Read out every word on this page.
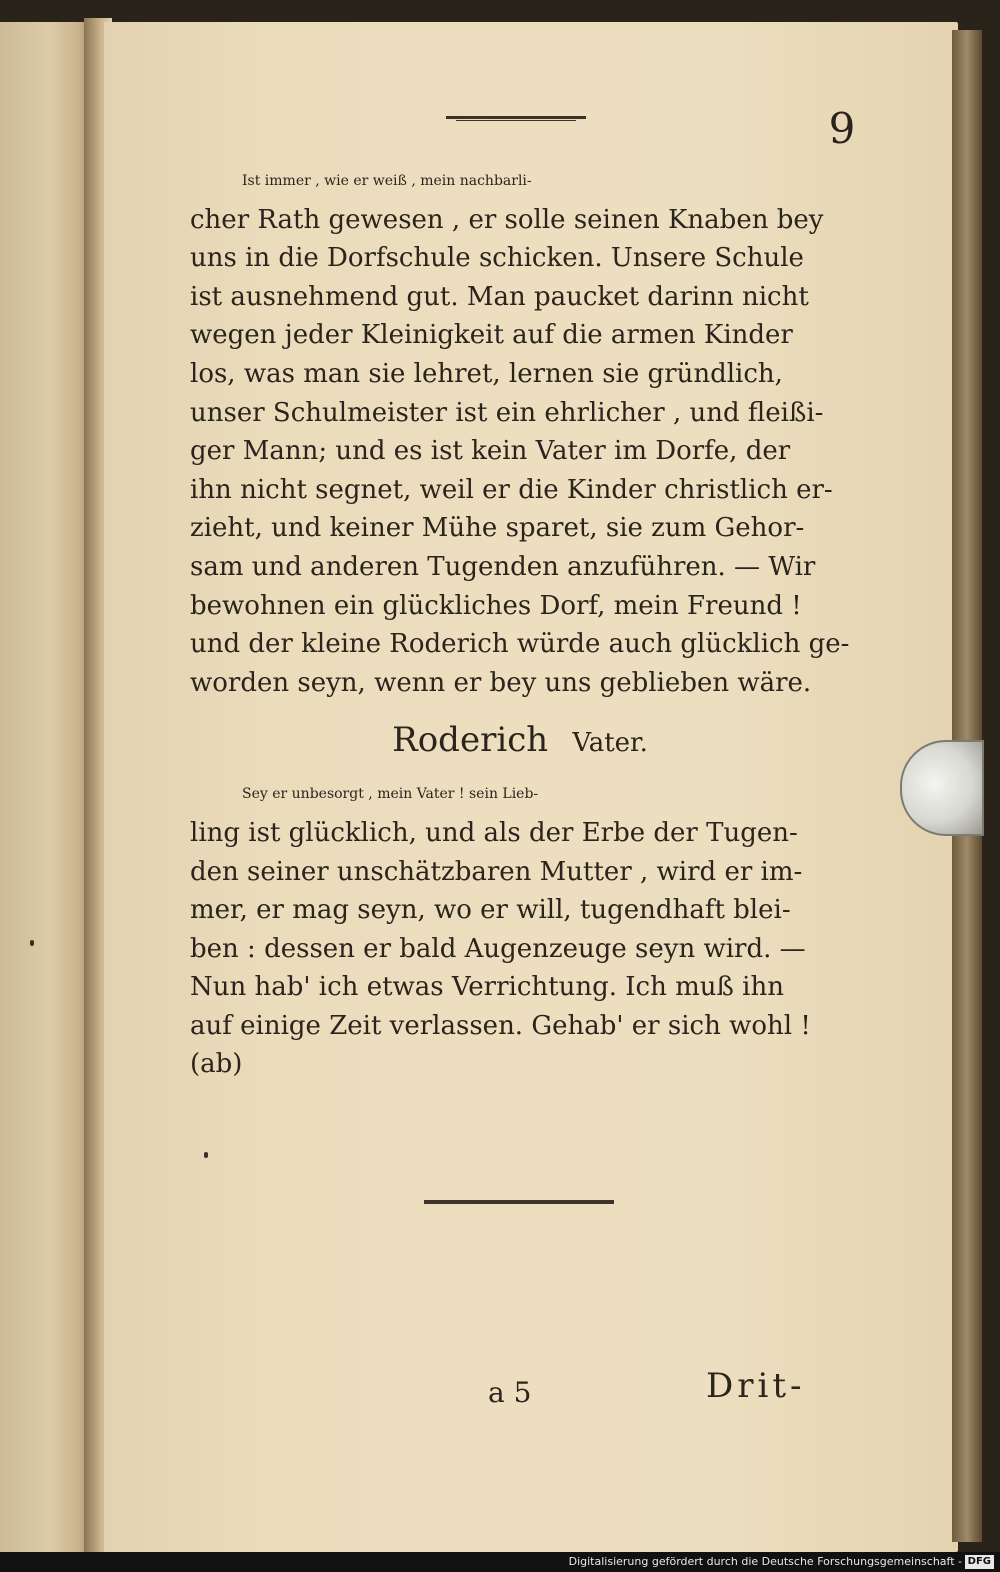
9
Ist immer , wie er weiß , mein nachbarli-
cher Rath gewesen , er solle seinen Knaben bey
uns in die Dorfschule schicken. Unsere Schule
ist ausnehmend gut. Man paucket darinn nicht
wegen jeder Kleinigkeit auf die armen Kinder
los, was man sie lehret, lernen sie gründlich,
unser Schulmeister ist ein ehrlicher , und fleißi-
ger Mann; und es ist kein Vater im Dorfe, der
ihn nicht segnet, weil er die Kinder christlich er-
zieht, und keiner Mühe sparet, sie zum Gehor-
sam und anderen Tugenden anzuführen. — Wir
bewohnen ein glückliches Dorf, mein Freund !
und der kleine Roderich würde auch glücklich ge-
worden seyn, wenn er bey uns geblieben wäre.
Roderich Vater.
Sey er unbesorgt , mein Vater ! sein Lieb-
ling ist glücklich, und als der Erbe der Tugen-
den seiner unschätzbaren Mutter , wird er im-
mer, er mag seyn, wo er will, tugendhaft blei-
ben : dessen er bald Augenzeuge seyn wird. —
Nun hab' ich etwas Verrichtung. Ich muß ihn
auf einige Zeit verlassen. Gehab' er sich wohl !
(ab)
a 5	Drit-
Digitalisierung gefördert durch die Deutsche Forschungsgemeinschaft - DFG
